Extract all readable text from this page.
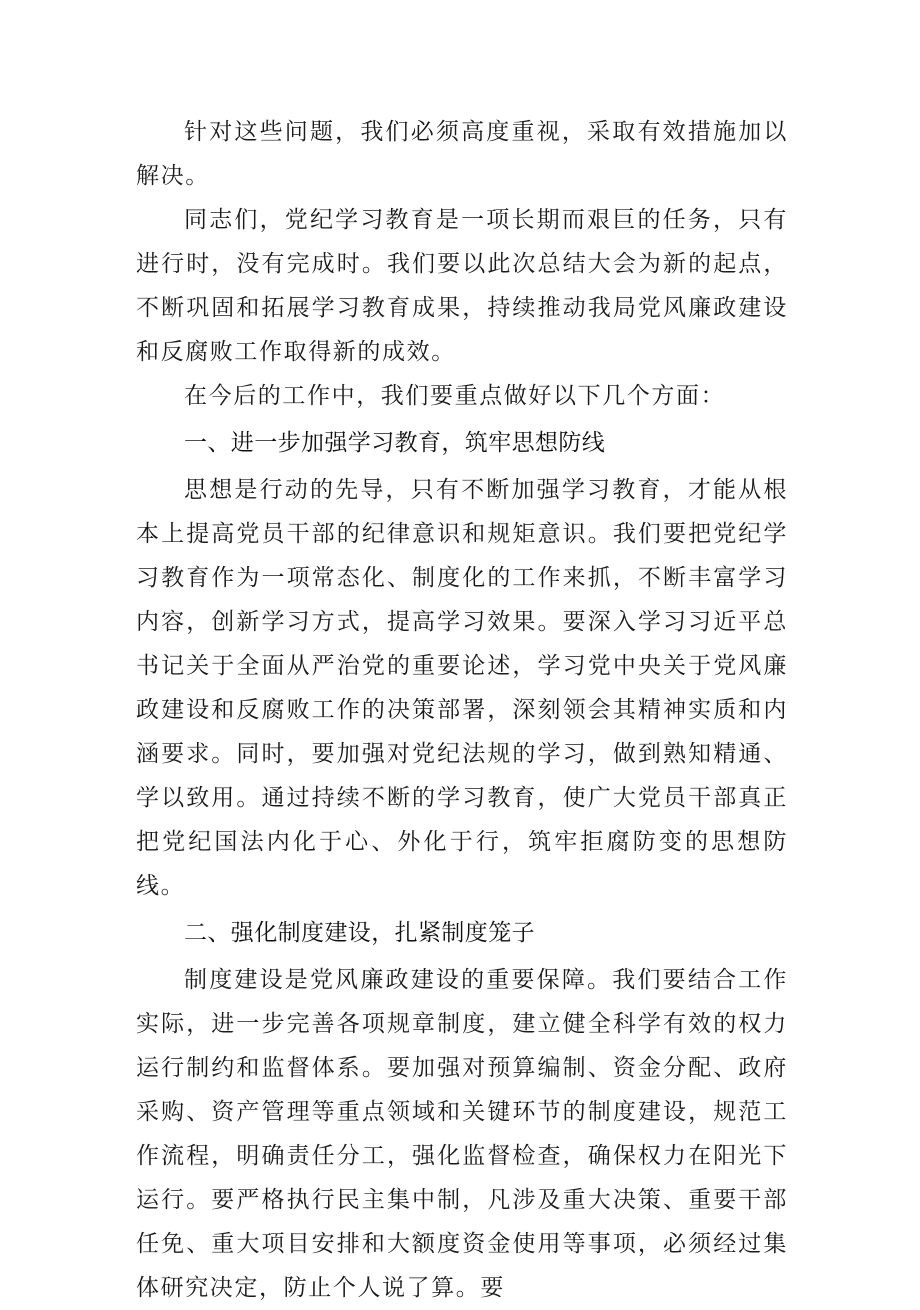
针对这些问题，我们必须高度重视，采取有效措施加以解决。

同志们，党纪学习教育是一项长期而艰巨的任务，只有进行时，没有完成时。我们要以此次总结大会为新的起点，不断巩固和拓展学习教育成果，持续推动我局党风廉政建设和反腐败工作取得新的成效。

在今后的工作中，我们要重点做好以下几个方面：

一、进一步加强学习教育，筑牢思想防线

思想是行动的先导，只有不断加强学习教育，才能从根本上提高党员干部的纪律意识和规矩意识。我们要把党纪学习教育作为一项常态化、制度化的工作来抓，不断丰富学习内容，创新学习方式，提高学习效果。要深入学习习近平总书记关于全面从严治党的重要论述，学习党中央关于党风廉政建设和反腐败工作的决策部署，深刻领会其精神实质和内涵要求。同时，要加强对党纪法规的学习，做到熟知精通、学以致用。通过持续不断的学习教育，使广大党员干部真正把党纪国法内化于心、外化于行，筑牢拒腐防变的思想防线。

二、强化制度建设，扎紧制度笼子

制度建设是党风廉政建设的重要保障。我们要结合工作实际，进一步完善各项规章制度，建立健全科学有效的权力运行制约和监督体系。要加强对预算编制、资金分配、政府采购、资产管理等重点领域和关键环节的制度建设，规范工作流程，明确责任分工，强化监督检查，确保权力在阳光下运行。要严格执行民主集中制，凡涉及重大决策、重要干部任免、重大项目安排和大额度资金使用等事项，必须经过集体研究决定，防止个人说了算。要
